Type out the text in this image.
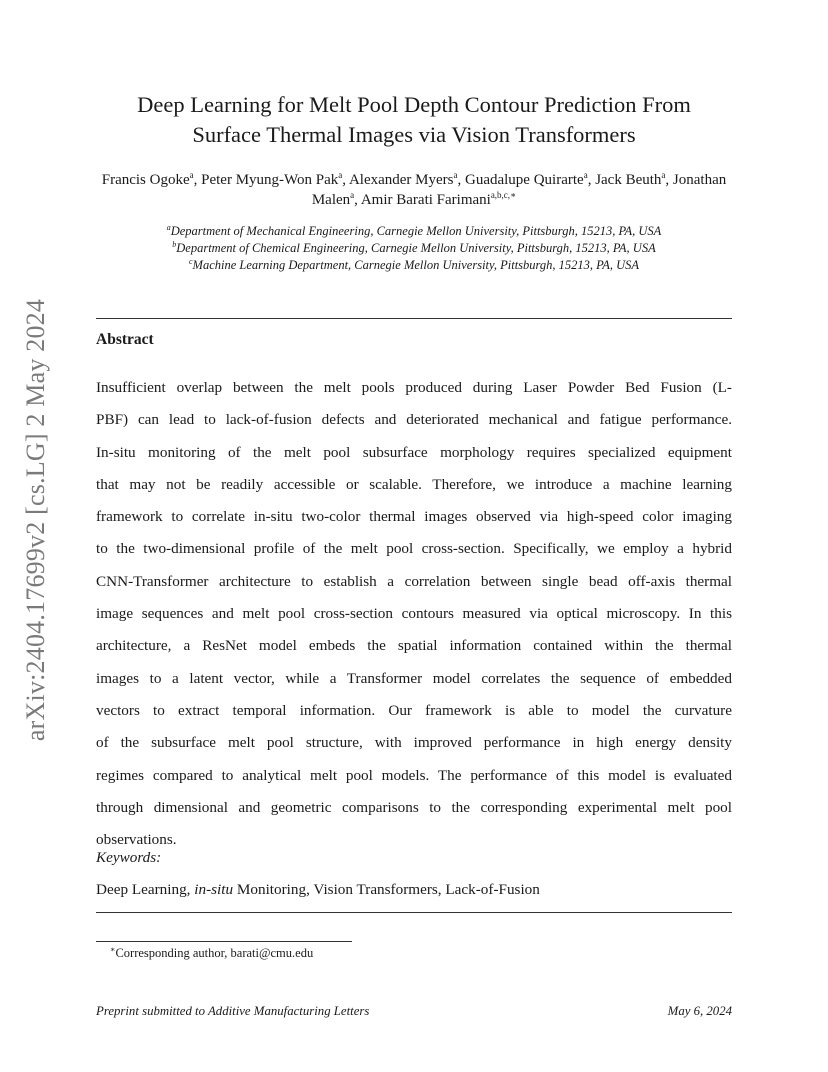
arXiv:2404.17699v2 [cs.LG] 2 May 2024
Deep Learning for Melt Pool Depth Contour Prediction From
Surface Thermal Images via Vision Transformers
Francis Ogoke$^a$, Peter Myung-Won Pak$^a$, Alexander Myers$^a$, Guadalupe Quirarte$^a$, Jack Beuth$^a$, Jonathan Malen$^a$, Amir Barati Farimani$^{a,b,c,∗}$
$^a$Department of Mechanical Engineering, Carnegie Mellon University, Pittsburgh, 15213, PA, USA
$^b$Department of Chemical Engineering, Carnegie Mellon University, Pittsburgh, 15213, PA, USA
$^c$Machine Learning Department, Carnegie Mellon University, Pittsburgh, 15213, PA, USA
Abstract
Insufficient overlap between the melt pools produced during Laser Powder Bed Fusion (L-
PBF) can lead to lack-of-fusion defects and deteriorated mechanical and fatigue performance.
In-situ monitoring of the melt pool subsurface morphology requires specialized equipment
that may not be readily accessible or scalable. Therefore, we introduce a machine learning
framework to correlate in-situ two-color thermal images observed via high-speed color imaging
to the two-dimensional profile of the melt pool cross-section. Specifically, we employ a hybrid
CNN-Transformer architecture to establish a correlation between single bead off-axis thermal
image sequences and melt pool cross-section contours measured via optical microscopy. In this
architecture, a ResNet model embeds the spatial information contained within the thermal
images to a latent vector, while a Transformer model correlates the sequence of embedded
vectors to extract temporal information. Our framework is able to model the curvature
of the subsurface melt pool structure, with improved performance in high energy density
regimes compared to analytical melt pool models. The performance of this model is evaluated
through dimensional and geometric comparisons to the corresponding experimental melt pool
observations.
Keywords:
Deep Learning, in-situ Monitoring, Vision Transformers, Lack-of-Fusion
∗Corresponding author, barati@cmu.edu
Preprint submitted to Additive Manufacturing Letters	May 6, 2024
